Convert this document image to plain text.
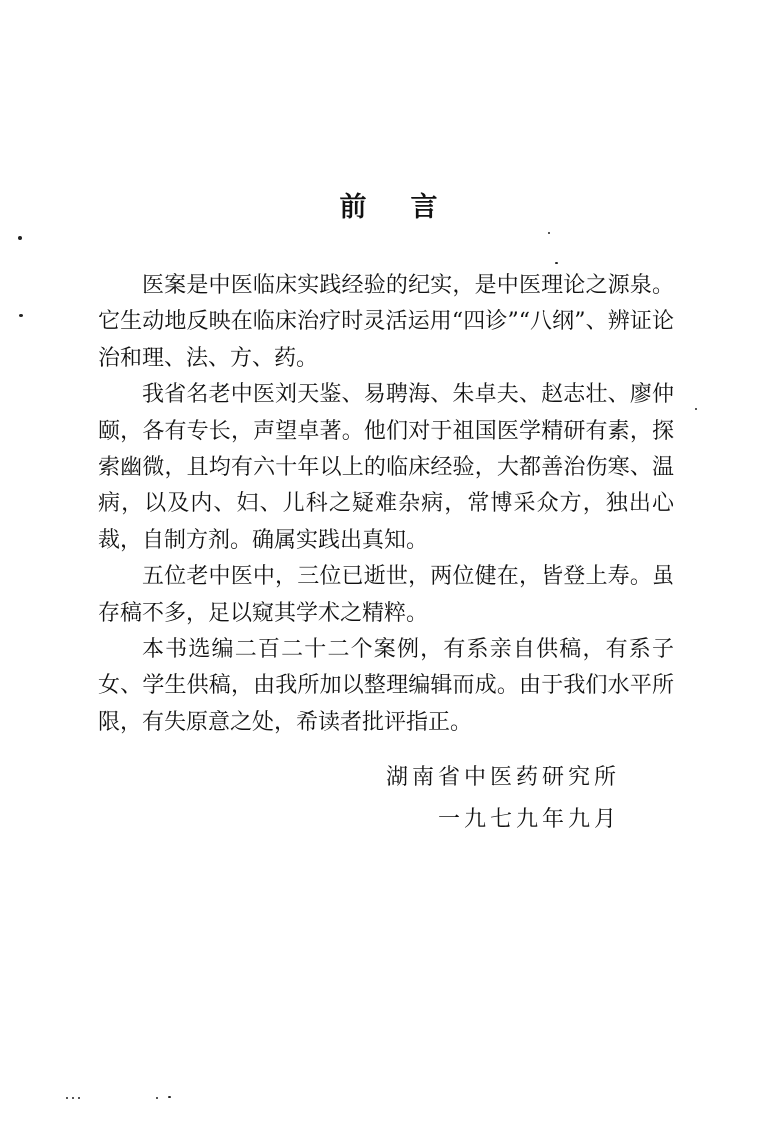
前言

医案是中医临床实践经验的纪实，是中医理论之源泉。它生动地反映在临床治疗时灵活运用“四诊”“八纲”、辨证论治和理、法、方、药。

我省名老中医刘天鉴、易聘海、朱卓夫、赵志壮、廖仲颐，各有专长，声望卓著。他们对于祖国医学精研有素，探索幽微，且均有六十年以上的临床经验，大都善治伤寒、温病，以及内、妇、儿科之疑难杂病，常博采众方，独出心裁，自制方剂。确属实践出真知。

五位老中医中，三位已逝世，两位健在，皆登上寿。虽存稿不多，足以窥其学术之精粹。

本书选编二百二十二个案例，有系亲自供稿，有系子女、学生供稿，由我所加以整理编辑而成。由于我们水平所限，有失原意之处，希读者批评指正。

湖南省中医药研究所
一九七九年九月
